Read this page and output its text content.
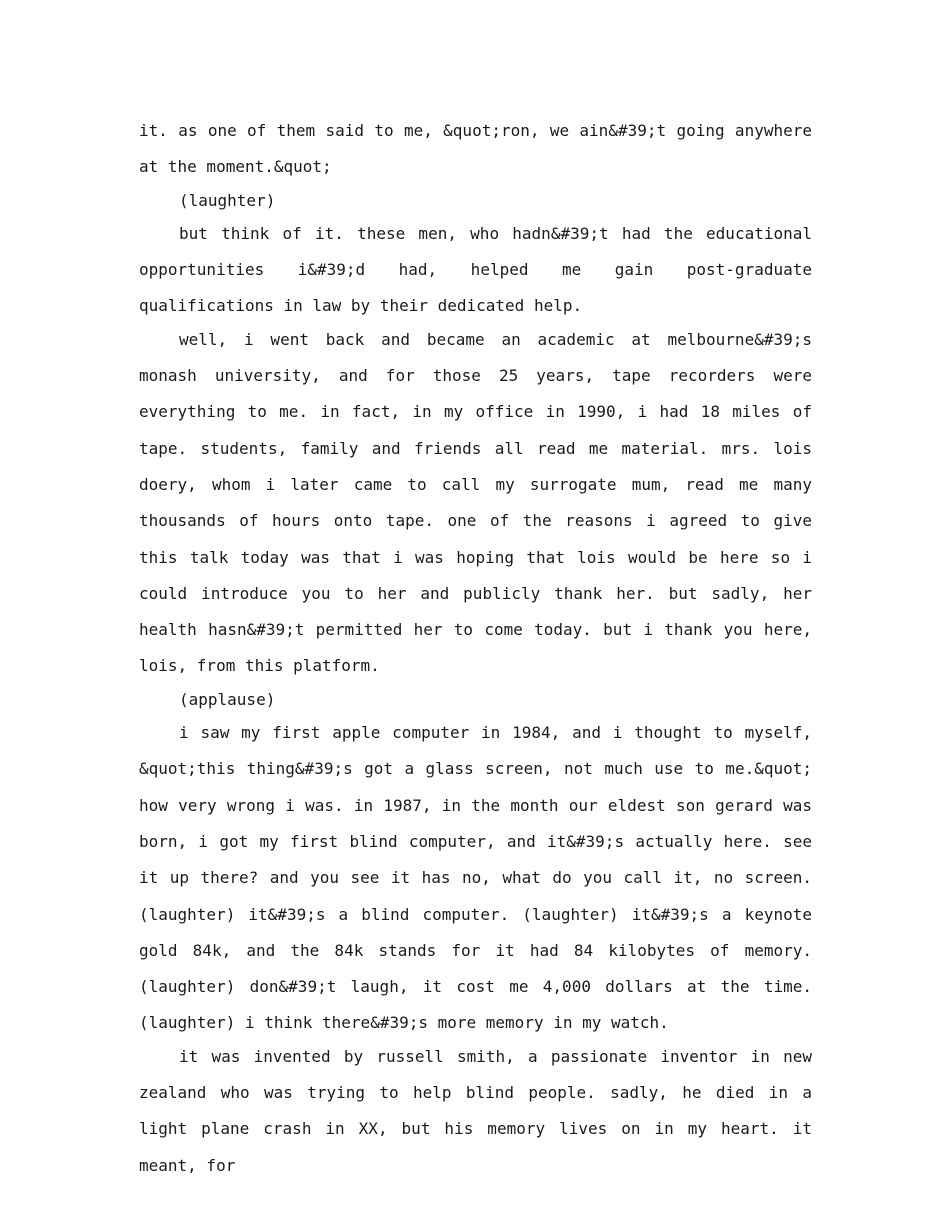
it. as one of them said to me, &quot;ron, we ain&#39;t going anywhere at the moment.&quot;

(laughter)

but think of it. these men, who hadn&#39;t had the educational opportunities i&#39;d had, helped me gain post-graduate qualifications in law by their dedicated help.

well, i went back and became an academic at melbourne&#39;s monash university, and for those 25 years, tape recorders were everything to me. in fact, in my office in 1990, i had 18 miles of tape. students, family and friends all read me material. mrs. lois doery, whom i later came to call my surrogate mum, read me many thousands of hours onto tape. one of the reasons i agreed to give this talk today was that i was hoping that lois would be here so i could introduce you to her and publicly thank her. but sadly, her health hasn&#39;t permitted her to come today. but i thank you here, lois, from this platform.

(applause)

i saw my first apple computer in 1984, and i thought to myself, &quot;this thing&#39;s got a glass screen, not much use to me.&quot; how very wrong i was. in 1987, in the month our eldest son gerard was born, i got my first blind computer, and it&#39;s actually here. see it up there? and you see it has no, what do you call it, no screen. (laughter) it&#39;s a blind computer. (laughter) it&#39;s a keynote gold 84k, and the 84k stands for it had 84 kilobytes of memory. (laughter) don&#39;t laugh, it cost me 4,000 dollars at the time. (laughter) i think there&#39;s more memory in my watch.

it was invented by russell smith, a passionate inventor in new zealand who was trying to help blind people. sadly, he died in a light plane crash in XX, but his memory lives on in my heart. it meant, for
